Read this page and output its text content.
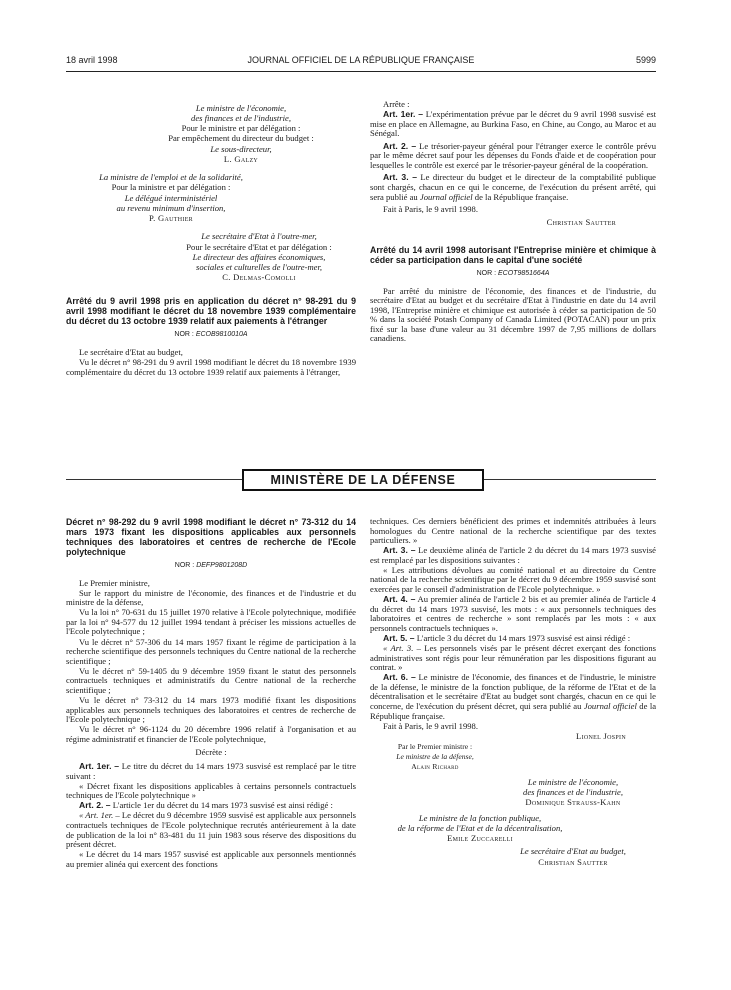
18 avril 1998	JOURNAL OFFICIEL DE LA RÉPUBLIQUE FRANÇAISE	5999

Le ministre de l'économie,

des finances et de l'industrie,

Pour le ministre et par délégation :

Par empêchement du directeur du budget :

Le sous-directeur,

L. Galzy

La ministre de l'emploi et de la solidarité,

Pour la ministre et par délégation :

Le délégué interministériel

au revenu minimum d'insertion,

P. Gauthier

Le secrétaire d'Etat à l'outre-mer,

Pour le secrétaire d'Etat et par délégation :

Le directeur des affaires économiques,

sociales et culturelles de l'outre-mer,

C. Delmas-Comolli

Arrêté du 9 avril 1998 pris en application du décret n° 98-291 du 9 avril 1998 modifiant le décret du 18 novembre 1939 complémentaire du décret du 13 octobre 1939 relatif aux paiements à l'étranger

NOR : ECOB9810010A

Le secrétaire d'Etat au budget,

Vu le décret n° 98-291 du 9 avril 1998 modifiant le décret du 18 novembre 1939 complémentaire du décret du 13 octobre 1939 relatif aux paiements à l'étranger,

Arrête :

Art. 1er. – L'expérimentation prévue par le décret du 9 avril 1998 susvisé est mise en place en Allemagne, au Burkina Faso, en Chine, au Congo, au Maroc et au Sénégal.

Art. 2. – Le trésorier-payeur général pour l'étranger exerce le contrôle prévu par le même décret sauf pour les dépenses du Fonds d'aide et de coopération pour lesquelles le contrôle est exercé par le trésorier-payeur général de la coopération.

Art. 3. – Le directeur du budget et le directeur de la comptabilité publique sont chargés, chacun en ce qui le concerne, de l'exécution du présent arrêté, qui sera publié au Journal officiel de la République française.

Fait à Paris, le 9 avril 1998.

Christian Sautter

Arrêté du 14 avril 1998 autorisant l'Entreprise minière et chimique à céder sa participation dans le capital d'une société

NOR : ECOT9851664A

Par arrêté du ministre de l'économie, des finances et de l'industrie, du secrétaire d'Etat au budget et du secrétaire d'Etat à l'industrie en date du 14 avril 1998, l'Entreprise minière et chimique est autorisée à céder sa participation de 50 % dans la société Potash Company of Canada Limited (POTACAN) pour un prix fixé sur la base d'une valeur au 31 décembre 1997 de 7,95 millions de dollars canadiens.

MINISTÈRE DE LA DÉFENSE

Décret n° 98-292 du 9 avril 1998 modifiant le décret n° 73-312 du 14 mars 1973 fixant les dispositions applicables aux personnels techniques des laboratoires et centres de recherche de l'Ecole polytechnique

NOR : DEFP9801208D

Le Premier ministre,

Sur le rapport du ministre de l'économie, des finances et de l'industrie et du ministre de la défense,

Vu la loi n° 70-631 du 15 juillet 1970 relative à l'Ecole polytechnique, modifiée par la loi n° 94-577 du 12 juillet 1994 tendant à préciser les missions actuelles de l'Ecole polytechnique ;

Vu le décret n° 57-306 du 14 mars 1957 fixant le régime de participation à la recherche scientifique des personnels techniques du Centre national de la recherche scientifique ;

Vu le décret n° 59-1405 du 9 décembre 1959 fixant le statut des personnels contractuels techniques et administratifs du Centre national de la recherche scientifique ;

Vu le décret n° 73-312 du 14 mars 1973 modifié fixant les dispositions applicables aux personnels techniques des laboratoires et centres de recherche de l'Ecole polytechnique ;

Vu le décret n° 96-1124 du 20 décembre 1996 relatif à l'organisation et au régime administratif et financier de l'Ecole polytechnique,

Décrète :

Art. 1er. – Le titre du décret du 14 mars 1973 susvisé est remplacé par le titre suivant :

« Décret fixant les dispositions applicables à certains personnels contractuels techniques de l'Ecole polytechnique »

Art. 2. – L'article 1er du décret du 14 mars 1973 susvisé est ainsi rédigé :

« Art. 1er. – Le décret du 9 décembre 1959 susvisé est applicable aux personnels contractuels techniques de l'Ecole polytechnique recrutés antérieurement à la date de publication de la loi n° 83-481 du 11 juin 1983 sous réserve des dispositions du présent décret.

« Le décret du 14 mars 1957 susvisé est applicable aux personnels mentionnés au premier alinéa qui exercent des fonctions

techniques. Ces derniers bénéficient des primes et indemnités attribuées à leurs homologues du Centre national de la recherche scientifique par des textes particuliers. »

Art. 3. – Le deuxième alinéa de l'article 2 du décret du 14 mars 1973 susvisé est remplacé par les dispositions suivantes :

« Les attributions dévolues au comité national et au directoire du Centre national de la recherche scientifique par le décret du 9 décembre 1959 susvisé sont exercées par le conseil d'administration de l'Ecole polytechnique. »

Art. 4. – Au premier alinéa de l'article 2 bis et au premier alinéa de l'article 4 du décret du 14 mars 1973 susvisé, les mots : « aux personnels techniques des laboratoires et centres de recherche » sont remplacés par les mots : « aux personnels contractuels techniques ».

Art. 5. – L'article 3 du décret du 14 mars 1973 susvisé est ainsi rédigé :

« Art. 3. – Les personnels visés par le présent décret exerçant des fonctions administratives sont régis pour leur rémunération par les dispositions figurant au contrat. »

Art. 6. – Le ministre de l'économie, des finances et de l'industrie, le ministre de la défense, le ministre de la fonction publique, de la réforme de l'Etat et de la décentralisation et le secrétaire d'Etat au budget sont chargés, chacun en ce qui le concerne, de l'exécution du présent décret, qui sera publié au Journal officiel de la République française.

Fait à Paris, le 9 avril 1998.

Lionel Jospin

Par le Premier ministre :

Le ministre de la défense,

Alain Richard

Le ministre de l'économie,

des finances et de l'industrie,

Dominique Strauss-Kahn

Le ministre de la fonction publique,

de la réforme de l'Etat et de la décentralisation,

Emile Zuccarelli

Le secrétaire d'Etat au budget,

Christian Sautter
